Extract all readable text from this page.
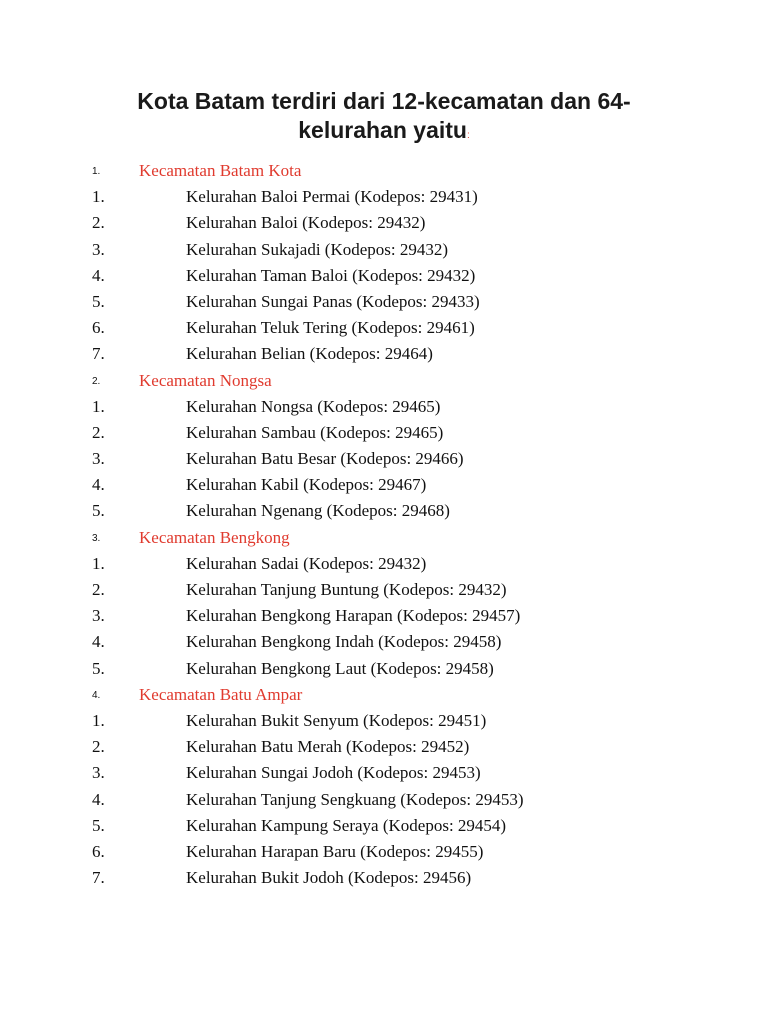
Kota Batam terdiri dari 12-kecamatan dan 64-kelurahan yaitu:
1. Kecamatan Batam Kota
1.	Kelurahan Baloi Permai (Kodepos: 29431)
2.	Kelurahan Baloi (Kodepos: 29432)
3.	Kelurahan Sukajadi (Kodepos: 29432)
4.	Kelurahan Taman Baloi (Kodepos: 29432)
5.	Kelurahan Sungai Panas (Kodepos: 29433)
6.	Kelurahan Teluk Tering (Kodepos: 29461)
7.	Kelurahan Belian (Kodepos: 29464)
2. Kecamatan Nongsa
1.	Kelurahan Nongsa (Kodepos: 29465)
2.	Kelurahan Sambau (Kodepos: 29465)
3.	Kelurahan Batu Besar (Kodepos: 29466)
4.	Kelurahan Kabil (Kodepos: 29467)
5.	Kelurahan Ngenang (Kodepos: 29468)
3. Kecamatan Bengkong
1.	Kelurahan Sadai (Kodepos: 29432)
2.	Kelurahan Tanjung Buntung (Kodepos: 29432)
3.	Kelurahan Bengkong Harapan (Kodepos: 29457)
4.	Kelurahan Bengkong Indah (Kodepos: 29458)
5.	Kelurahan Bengkong Laut (Kodepos: 29458)
4. Kecamatan Batu Ampar
1.	Kelurahan Bukit Senyum (Kodepos: 29451)
2.	Kelurahan Batu Merah (Kodepos: 29452)
3.	Kelurahan Sungai Jodoh (Kodepos: 29453)
4.	Kelurahan Tanjung Sengkuang (Kodepos: 29453)
5.	Kelurahan Kampung Seraya (Kodepos: 29454)
6.	Kelurahan Harapan Baru (Kodepos: 29455)
7.	Kelurahan Bukit Jodoh (Kodepos: 29456)
